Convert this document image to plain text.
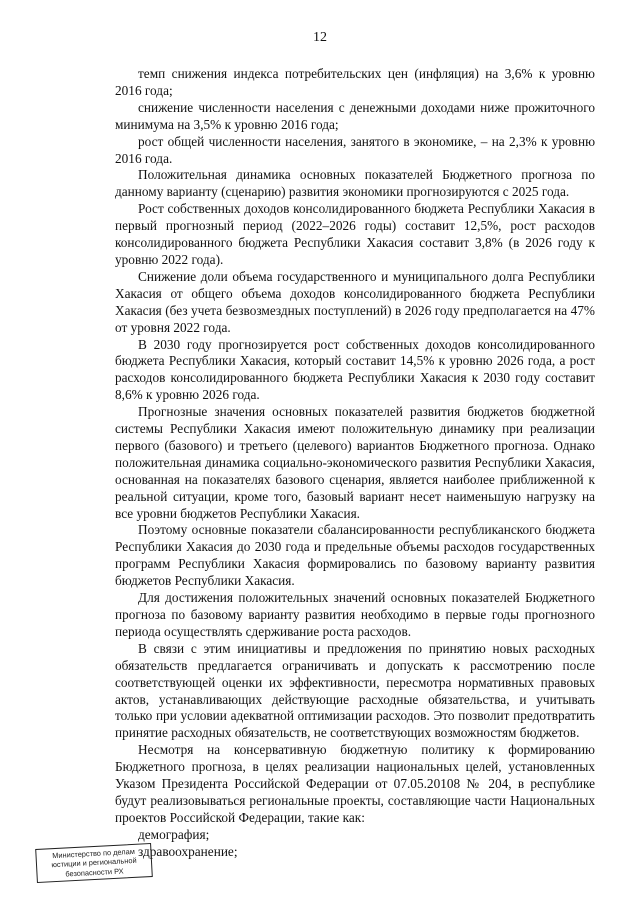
12

темп снижения индекса потребительских цен (инфляция) на 3,6% к уровню 2016 года;

снижение численности населения с денежными доходами ниже прожиточного минимума на 3,5% к уровню 2016 года;

рост общей численности населения, занятого в экономике, – на 2,3% к уровню 2016 года.

Положительная динамика основных показателей Бюджетного прогноза по данному варианту (сценарию) развития экономики прогнозируются с 2025 года.

Рост собственных доходов консолидированного бюджета Республики Хакасия в первый прогнозный период (2022–2026 годы) составит 12,5%, рост расходов консолидированного бюджета Республики Хакасия составит 3,8% (в 2026 году к уровню 2022 года).

Снижение доли объема государственного и муниципального долга Республики Хакасия от общего объема доходов консолидированного бюджета Республики Хакасия (без учета безвозмездных поступлений) в 2026 году предполагается на 47% от уровня 2022 года.

В 2030 году прогнозируется рост собственных доходов консолидированного бюджета Республики Хакасия, который составит 14,5% к уровню 2026 года, а рост расходов консолидированного бюджета Республики Хакасия к 2030 году составит 8,6% к уровню 2026 года.

Прогнозные значения основных показателей развития бюджетов бюджетной системы Республики Хакасия имеют положительную динамику при реализации первого (базового) и третьего (целевого) вариантов Бюджетного прогноза. Однако положительная динамика социально-экономического развития Республики Хакасия, основанная на показателях базового сценария, является наиболее приближенной к реальной ситуации, кроме того, базовый вариант несет наименьшую нагрузку на все уровни бюджетов Республики Хакасия.

Поэтому основные показатели сбалансированности республиканского бюджета Республики Хакасия до 2030 года и предельные объемы расходов государственных программ Республики Хакасия формировались по базовому варианту развития бюджетов Республики Хакасия.

Для достижения положительных значений основных показателей Бюджетного прогноза по базовому варианту развития необходимо в первые годы прогнозного периода осуществлять сдерживание роста расходов.

В связи с этим инициативы и предложения по принятию новых расходных обязательств предлагается ограничивать и допускать к рассмотрению после соответствующей оценки их эффективности, пересмотра нормативных правовых актов, устанавливающих действующие расходные обязательства, и учитывать только при условии адекватной оптимизации расходов. Это позволит предотвратить принятие расходных обязательств, не соответствующих возможностям бюджетов.

Несмотря на консервативную бюджетную политику к формированию Бюджетного прогноза, в целях реализации национальных целей, установленных Указом Президента Российской Федерации от 07.05.20108 № 204, в республике будут реализовываться региональные проекты, составляющие части Национальных проектов Российской Федерации, такие как:

демография;

здравоохранение;

Министерство по делам
юстиции и региональной
безопасности РХ
